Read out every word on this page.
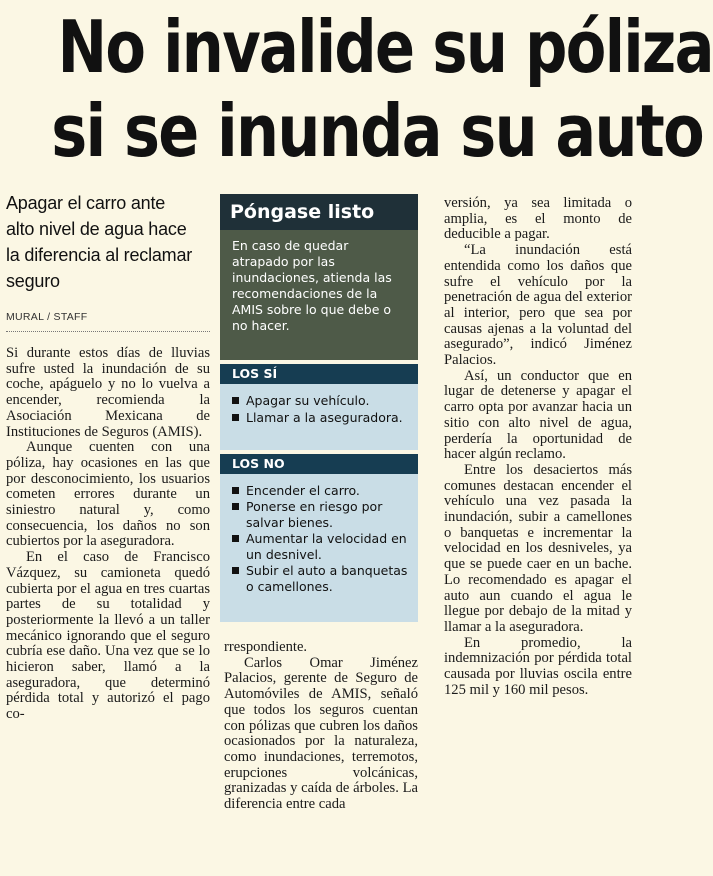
No invalide su póliza
si se inunda su auto
Apagar el carro ante alto nivel de agua hace la diferencia al reclamar seguro
MURAL / STAFF

Si durante estos días de lluvias sufre usted la inundación de su coche, apáguelo y no lo vuelva a encender, recomienda la Asociación Mexicana de Instituciones de Seguros (AMIS).

Aunque cuenten con una póliza, hay ocasiones en las que por desconocimiento, los usuarios cometen errores durante un siniestro natural y, como consecuencia, los daños no son cubiertos por la aseguradora.

En el caso de Francisco Vázquez, su camioneta quedó cubierta por el agua en tres cuartas partes de su totalidad y posteriormente la llevó a un taller mecánico ignorando que el seguro cubría ese daño. Una vez que se lo hicieron saber, llamó a la aseguradora, que determinó pérdida total y autorizó el pago co-

Póngase listo
En caso de quedar atrapado por las inundaciones, atienda las recomendaciones de la AMIS sobre lo que debe o no hacer.
LOS SÍ
Apagar su vehículo.
Llamar a la aseguradora.
LOS NO
Encender el carro.
Ponerse en riesgo por salvar bienes.
Aumentar la velocidad en un desnivel.
Subir el auto a banquetas o camellones.

rrespondiente.

Carlos Omar Jiménez Palacios, gerente de Seguro de Automóviles de AMIS, señaló que todos los seguros cuentan con pólizas que cubren los daños ocasionados por la naturaleza, como inundaciones, terremotos, erupciones volcánicas, granizadas y caída de árboles. La diferencia entre cada

versión, ya sea limitada o amplia, es el monto de deducible a pagar.

“La inundación está entendida como los daños que sufre el vehículo por la penetración de agua del exterior al interior, pero que sea por causas ajenas a la voluntad del asegurado”, indicó Jiménez Palacios.

Así, un conductor que en lugar de detenerse y apagar el carro opta por avanzar hacia un sitio con alto nivel de agua, perdería la oportunidad de hacer algún reclamo.

Entre los desaciertos más comunes destacan encender el vehículo una vez pasada la inundación, subir a camellones o banquetas e incrementar la velocidad en los desniveles, ya que se puede caer en un bache. Lo recomendado es apagar el auto aun cuando el agua le llegue por debajo de la mitad y llamar a la aseguradora.

En promedio, la indemnización por pérdida total causada por lluvias oscila entre 125 mil y 160 mil pesos.
